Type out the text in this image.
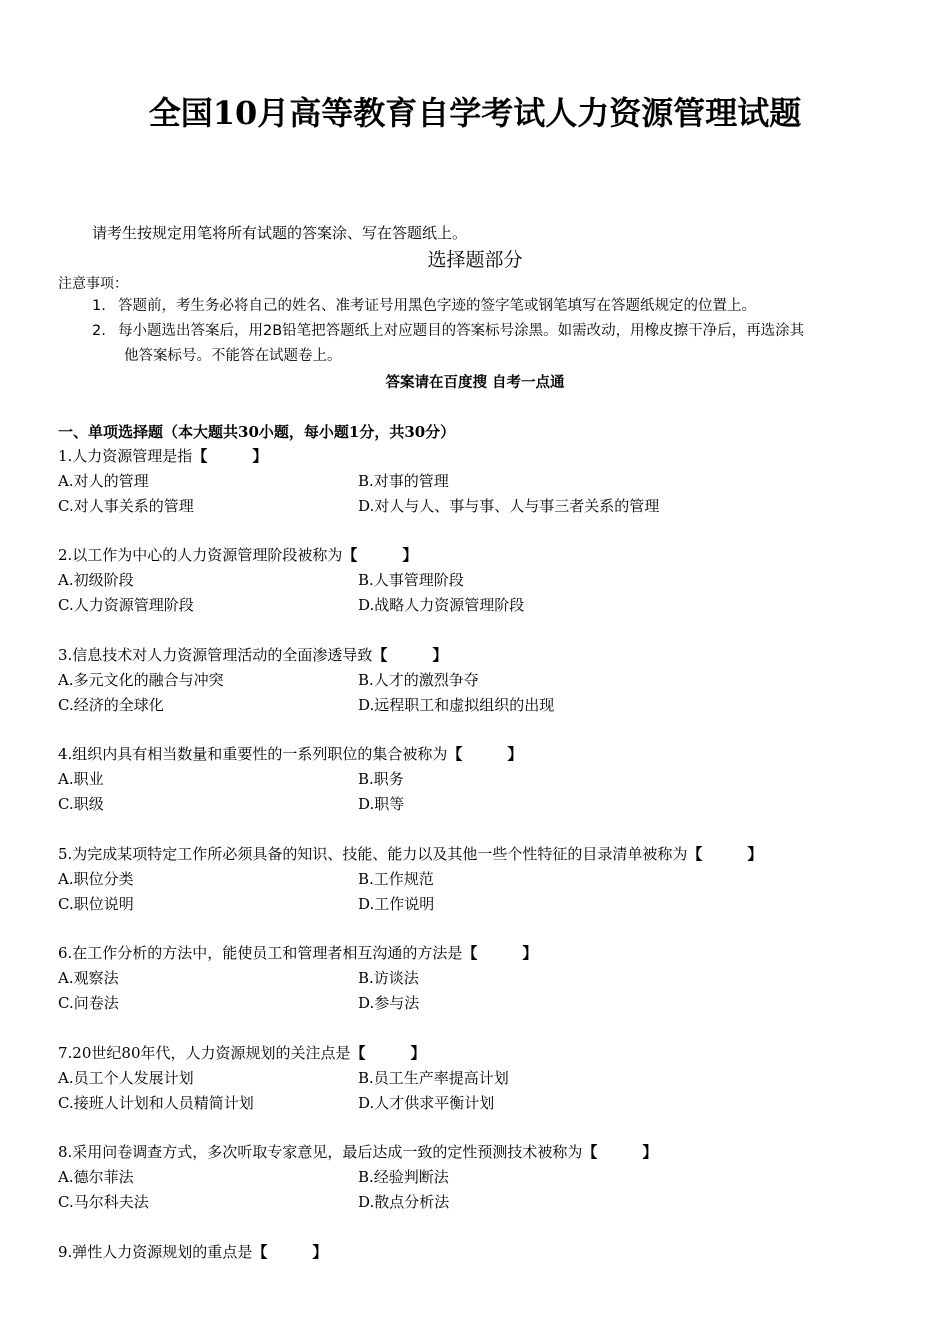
全国10月高等教育自学考试人力资源管理试题
请考生按规定用笔将所有试题的答案涂、写在答题纸上。
选择题部分
注意事项：
1. 答题前，考生务必将自己的姓名、准考证号用黑色字迹的签字笔或钢笔填写在答题纸规定的位置上。
2. 每小题选出答案后，用2B铅笔把答题纸上对应题目的答案标号涂黑。如需改动，用橡皮擦干净后，再选涂其
他答案标号。不能答在试题卷上。
答案请在百度搜 自考一点通
一、单项选择题（本大题共30小题，每小题1分，共30分）
1.人力资源管理是指【　　　】
A.对人的管理	B.对事的管理
C.对人事关系的管理	D.对人与人、事与事、人与事三者关系的管理
2.以工作为中心的人力资源管理阶段被称为【　　　】
A.初级阶段	B.人事管理阶段
C.人力资源管理阶段	D.战略人力资源管理阶段
3.信息技术对人力资源管理活动的全面渗透导致【　　　】
A.多元文化的融合与冲突	B.人才的激烈争夺
C.经济的全球化	D.远程职工和虚拟组织的出现
4.组织内具有相当数量和重要性的一系列职位的集合被称为【　　　】
A.职业	B.职务
C.职级	D.职等
5.为完成某项特定工作所必须具备的知识、技能、能力以及其他一些个性特征的目录清单被称为【　　　】
A.职位分类	B.工作规范
C.职位说明	D.工作说明
6.在工作分析的方法中，能使员工和管理者相互沟通的方法是【　　　】
A.观察法	B.访谈法
C.问卷法	D.参与法
7.20世纪80年代，人力资源规划的关注点是【　　　】
A.员工个人发展计划	B.员工生产率提高计划
C.接班人计划和人员精简计划	D.人才供求平衡计划
8.采用问卷调查方式，多次听取专家意见，最后达成一致的定性预测技术被称为【　　　】
A.德尔菲法	B.经验判断法
C.马尔科夫法	D.散点分析法
9.弹性人力资源规划的重点是【　　　】
